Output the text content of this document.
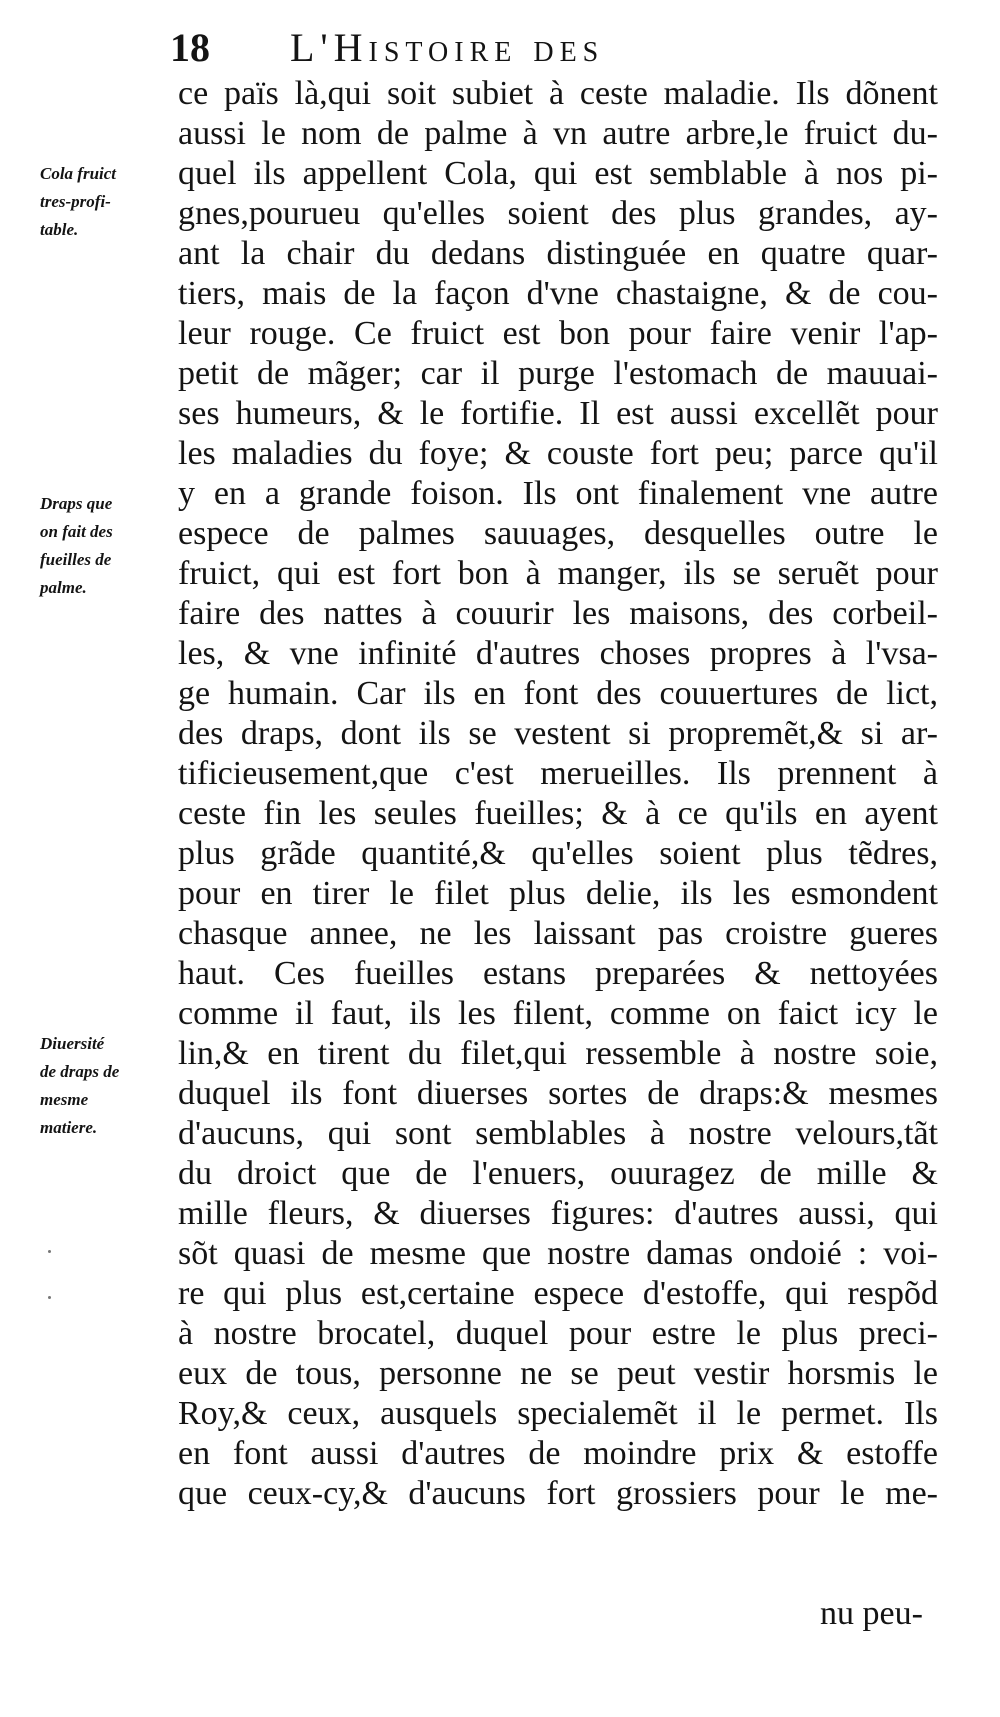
18 L'Histoire des
Cola fruict
tres-profi-
table.
Draps que
on fait des
fueilles de
palme.
Diuersité
de draps de
mesme
matiere.
ce païs là,qui soit subiet à ceste maladie. Ils dõnent
aussi le nom de palme à vn autre arbre,le fruict du-
quel ils appellent Cola, qui est semblable à nos pi-
gnes,pourueu qu'elles soient des plus grandes, ay-
ant la chair du dedans distinguée en quatre quar-
tiers, mais de la façon d'vne chastaigne, & de cou-
leur rouge. Ce fruict est bon pour faire venir l'ap-
petit de mãger; car il purge l'estomach de mauuai-
ses humeurs, & le fortifie. Il est aussi excellẽt pour
les maladies du foye; & couste fort peu; parce qu'il
y en a grande foison. Ils ont finalement vne autre
espece de palmes sauuages, desquelles outre le
fruict, qui est fort bon à manger, ils se seruẽt pour
faire des nattes à couurir les maisons, des corbeil-
les, & vne infinité d'autres choses propres à l'vsa-
ge humain. Car ils en font des couuertures de lict,
des draps, dont ils se vestent si propremẽt,& si ar-
tificieusement,que c'est merueilles. Ils prennent à
ceste fin les seules fueilles; & à ce qu'ils en ayent
plus grãde quantité,& qu'elles soient plus tẽdres,
pour en tirer le filet plus delie, ils les esmondent
chasque annee, ne les laissant pas croistre gueres
haut. Ces fueilles estans preparées & nettoyées
comme il faut, ils les filent, comme on faict icy le
lin,& en tirent du filet,qui ressemble à nostre soie,
duquel ils font diuerses sortes de draps:& mesmes
d'aucuns, qui sont semblables à nostre velours,tãt
du droict que de l'enuers, ouuragez de mille &
mille fleurs, & diuerses figures: d'autres aussi, qui
sõt quasi de mesme que nostre damas ondoié : voi-
re qui plus est,certaine espece d'estoffe, qui respõd
à nostre brocatel, duquel pour estre le plus preci-
eux de tous, personne ne se peut vestir horsmis le
Roy,& ceux, ausquels specialemẽt il le permet. Ils
en font aussi d'autres de moindre prix & estoffe
que ceux-cy,& d'aucuns fort grossiers pour le me-
nu peu-
